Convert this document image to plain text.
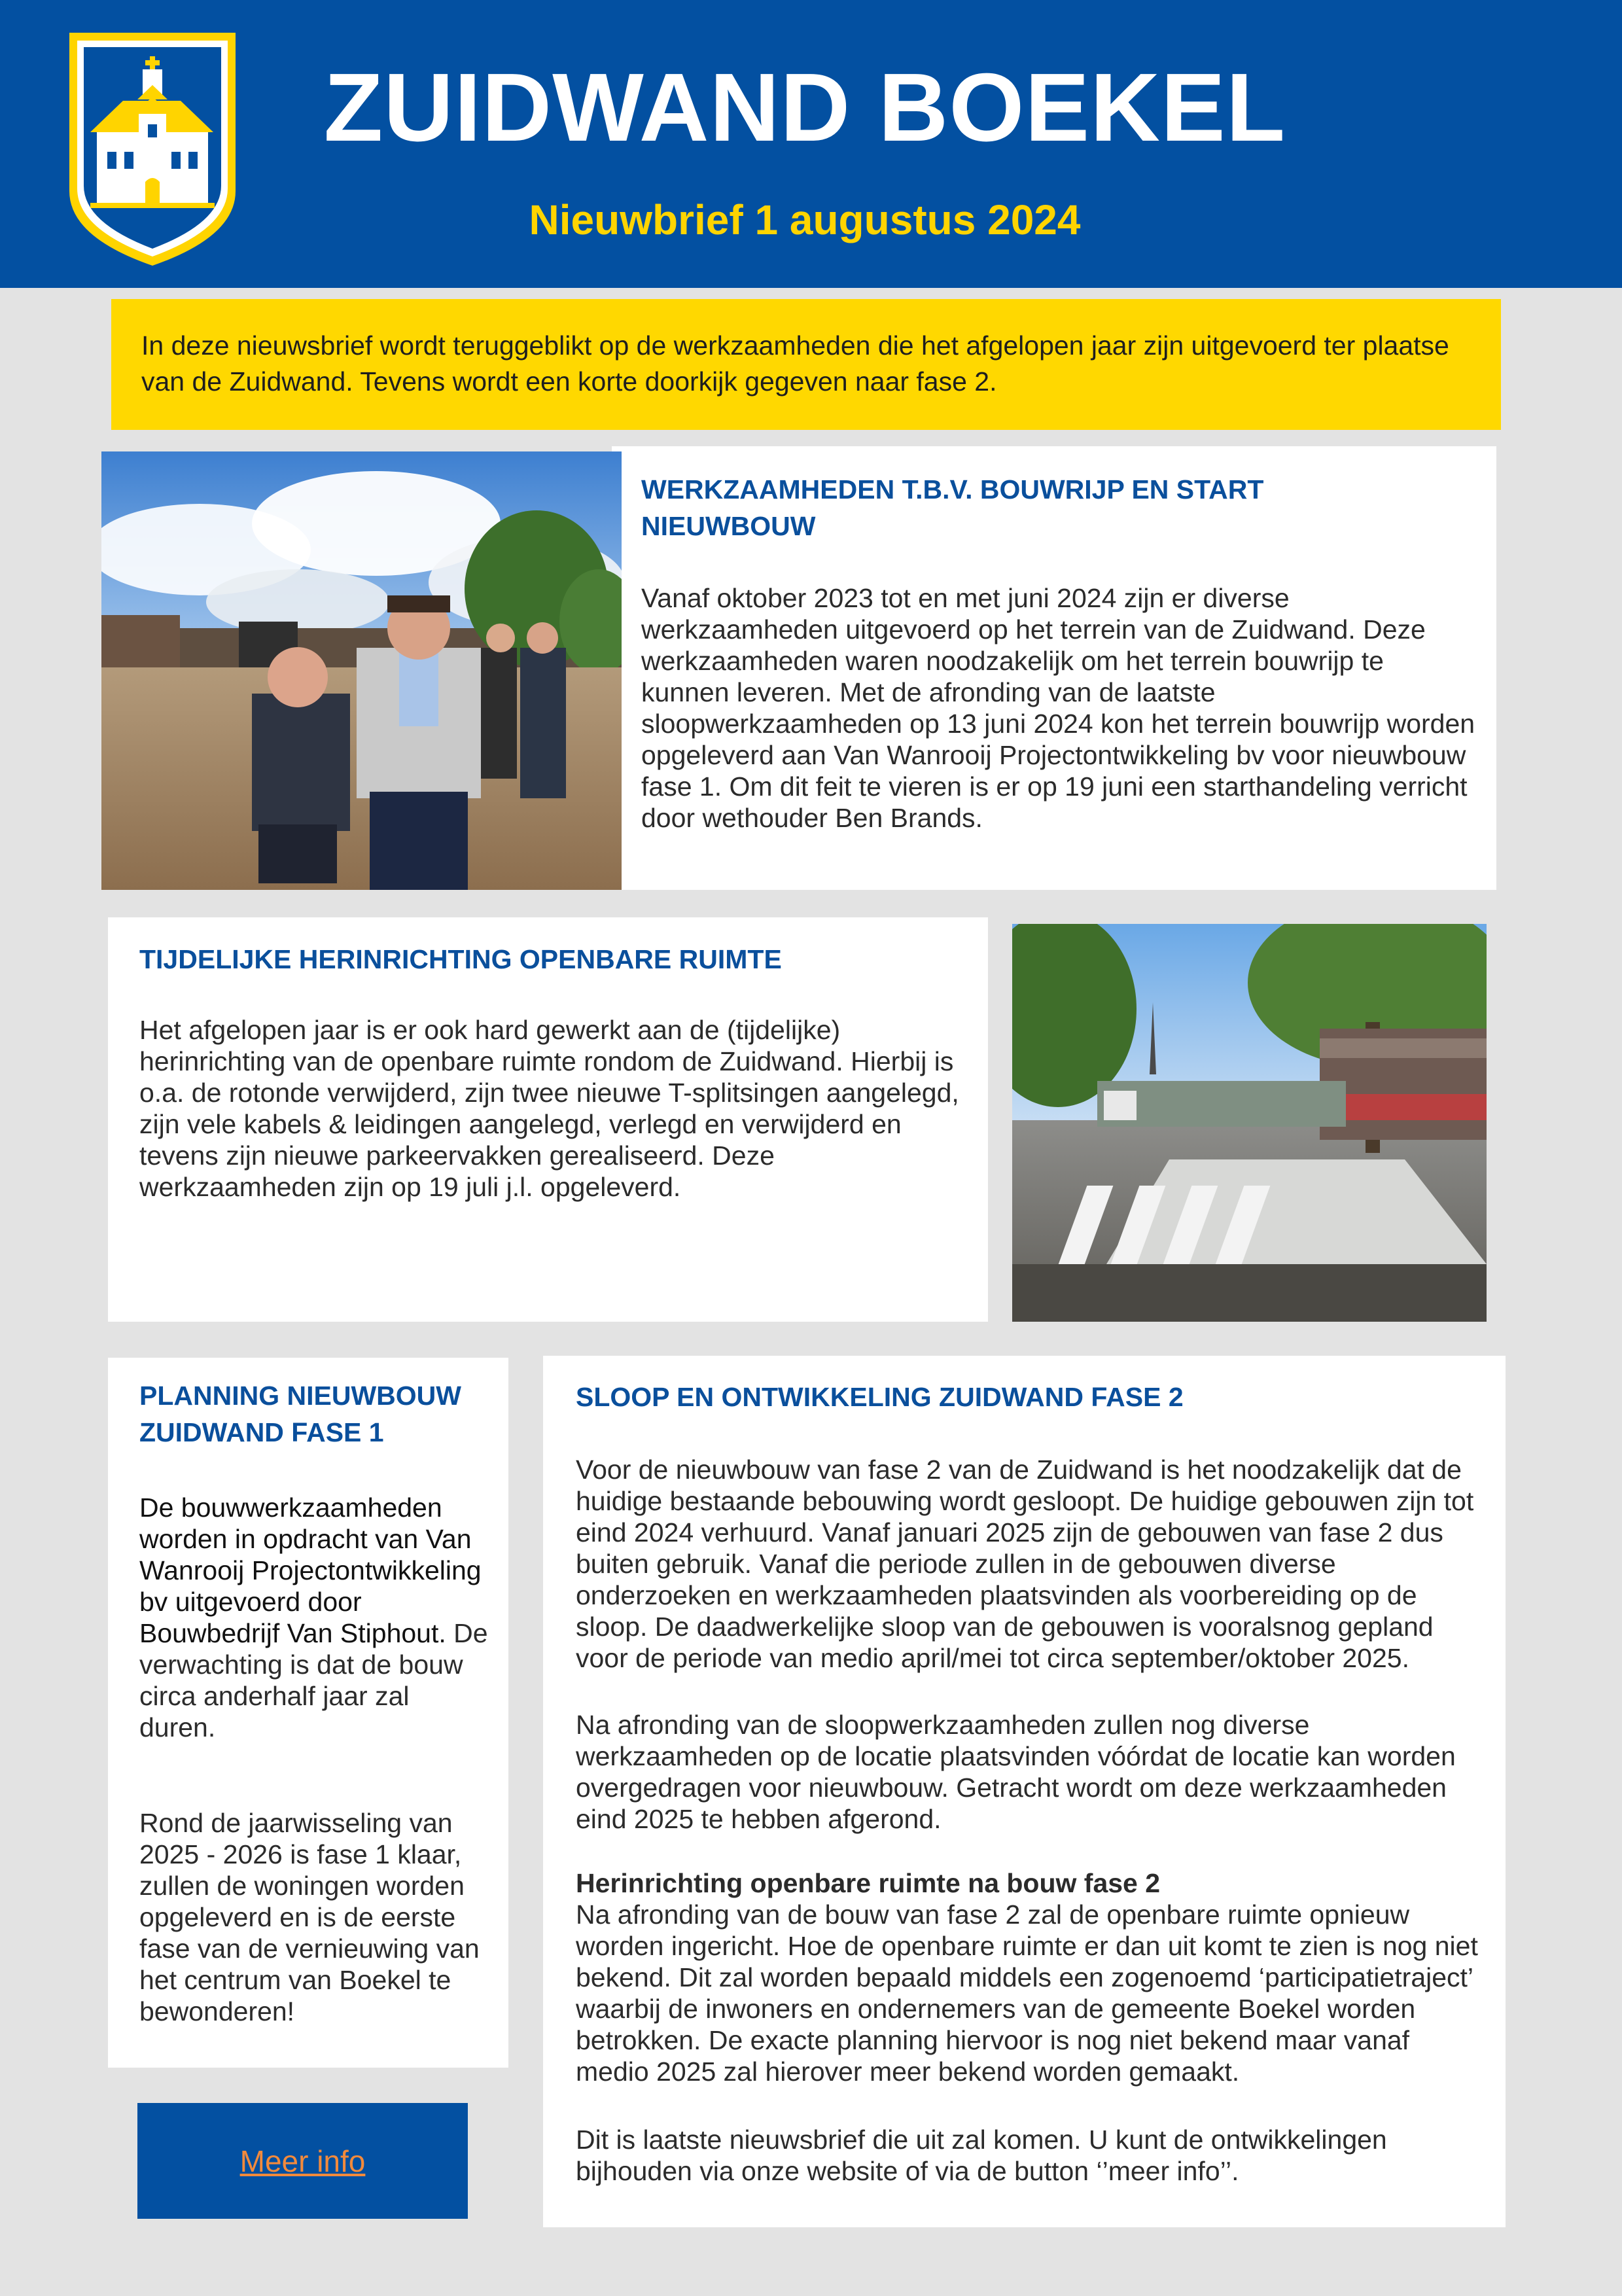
ZUIDWAND BOEKEL
Nieuwbrief 1 augustus 2024
In deze nieuwsbrief wordt teruggeblikt op de werkzaamheden die het afgelopen jaar zijn uitgevoerd ter plaatse van de Zuidwand. Tevens wordt een korte doorkijk gegeven naar fase 2.
WERKZAAMHEDEN T.B.V. BOUWRIJP EN START NIEUWBOUW
Vanaf oktober 2023 tot en met juni 2024 zijn er diverse werkzaamheden uitgevoerd op het terrein van de Zuidwand. Deze werkzaamheden waren noodzakelijk om het terrein bouwrijp te kunnen leveren. Met de afronding van de laatste sloopwerkzaamheden op 13 juni 2024 kon het terrein bouwrijp worden opgeleverd aan Van Wanrooij Projectontwikkeling bv voor nieuwbouw fase 1. Om dit feit te vieren is er op 19 juni een starthandeling verricht door wethouder Ben Brands.
TIJDELIJKE HERINRICHTING OPENBARE RUIMTE
Het afgelopen jaar is er ook hard gewerkt aan de (tijdelijke) herinrichting van de openbare ruimte rondom de Zuidwand. Hierbij is o.a. de rotonde verwijderd, zijn twee nieuwe T-splitsingen aangelegd, zijn vele kabels & leidingen aangelegd, verlegd en verwijderd en tevens zijn nieuwe parkeervakken gerealiseerd. Deze werkzaamheden zijn op 19 juli j.l. opgeleverd.
PLANNING NIEUWBOUW ZUIDWAND FASE 1
De bouwwerkzaamheden worden in opdracht van Van Wanrooij Projectontwikkeling bv uitgevoerd door Bouwbedrijf Van Stiphout. De verwachting is dat de bouw circa anderhalf jaar zal duren.
Rond de jaarwisseling van 2025 - 2026 is fase 1 klaar, zullen de woningen worden opgeleverd en is de eerste fase van de vernieuwing van het centrum van Boekel te bewonderen!
Meer info
SLOOP EN ONTWIKKELING ZUIDWAND FASE 2
Voor de nieuwbouw van fase 2 van de Zuidwand is het noodzakelijk dat de huidige bestaande bebouwing wordt gesloopt. De huidige gebouwen zijn tot eind 2024 verhuurd. Vanaf januari 2025 zijn de gebouwen van fase 2 dus buiten gebruik. Vanaf die periode zullen in de gebouwen diverse onderzoeken en werkzaamheden plaatsvinden als voorbereiding op de sloop. De daadwerkelijke sloop van de gebouwen is vooralsnog gepland voor de periode van medio april/mei tot circa september/oktober 2025.
Na afronding van de sloopwerkzaamheden zullen nog diverse werkzaamheden op de locatie plaatsvinden vóórdat de locatie kan worden overgedragen voor nieuwbouw. Getracht wordt om deze werkzaamheden eind 2025 te hebben afgerond.
Herinrichting openbare ruimte na bouw fase 2
Na afronding van de bouw van fase 2 zal de openbare ruimte opnieuw worden ingericht. Hoe de openbare ruimte er dan uit komt te zien is nog niet bekend. Dit zal worden bepaald middels een zogenoemd ‘participatietraject’ waarbij de inwoners en ondernemers van de gemeente Boekel worden betrokken. De exacte planning hiervoor is nog niet bekend maar vanaf medio 2025 zal hierover meer bekend worden gemaakt.
Dit is laatste nieuwsbrief die uit zal komen. U kunt de ontwikkelingen bijhouden via onze website of via de button ‘’meer info’’.
